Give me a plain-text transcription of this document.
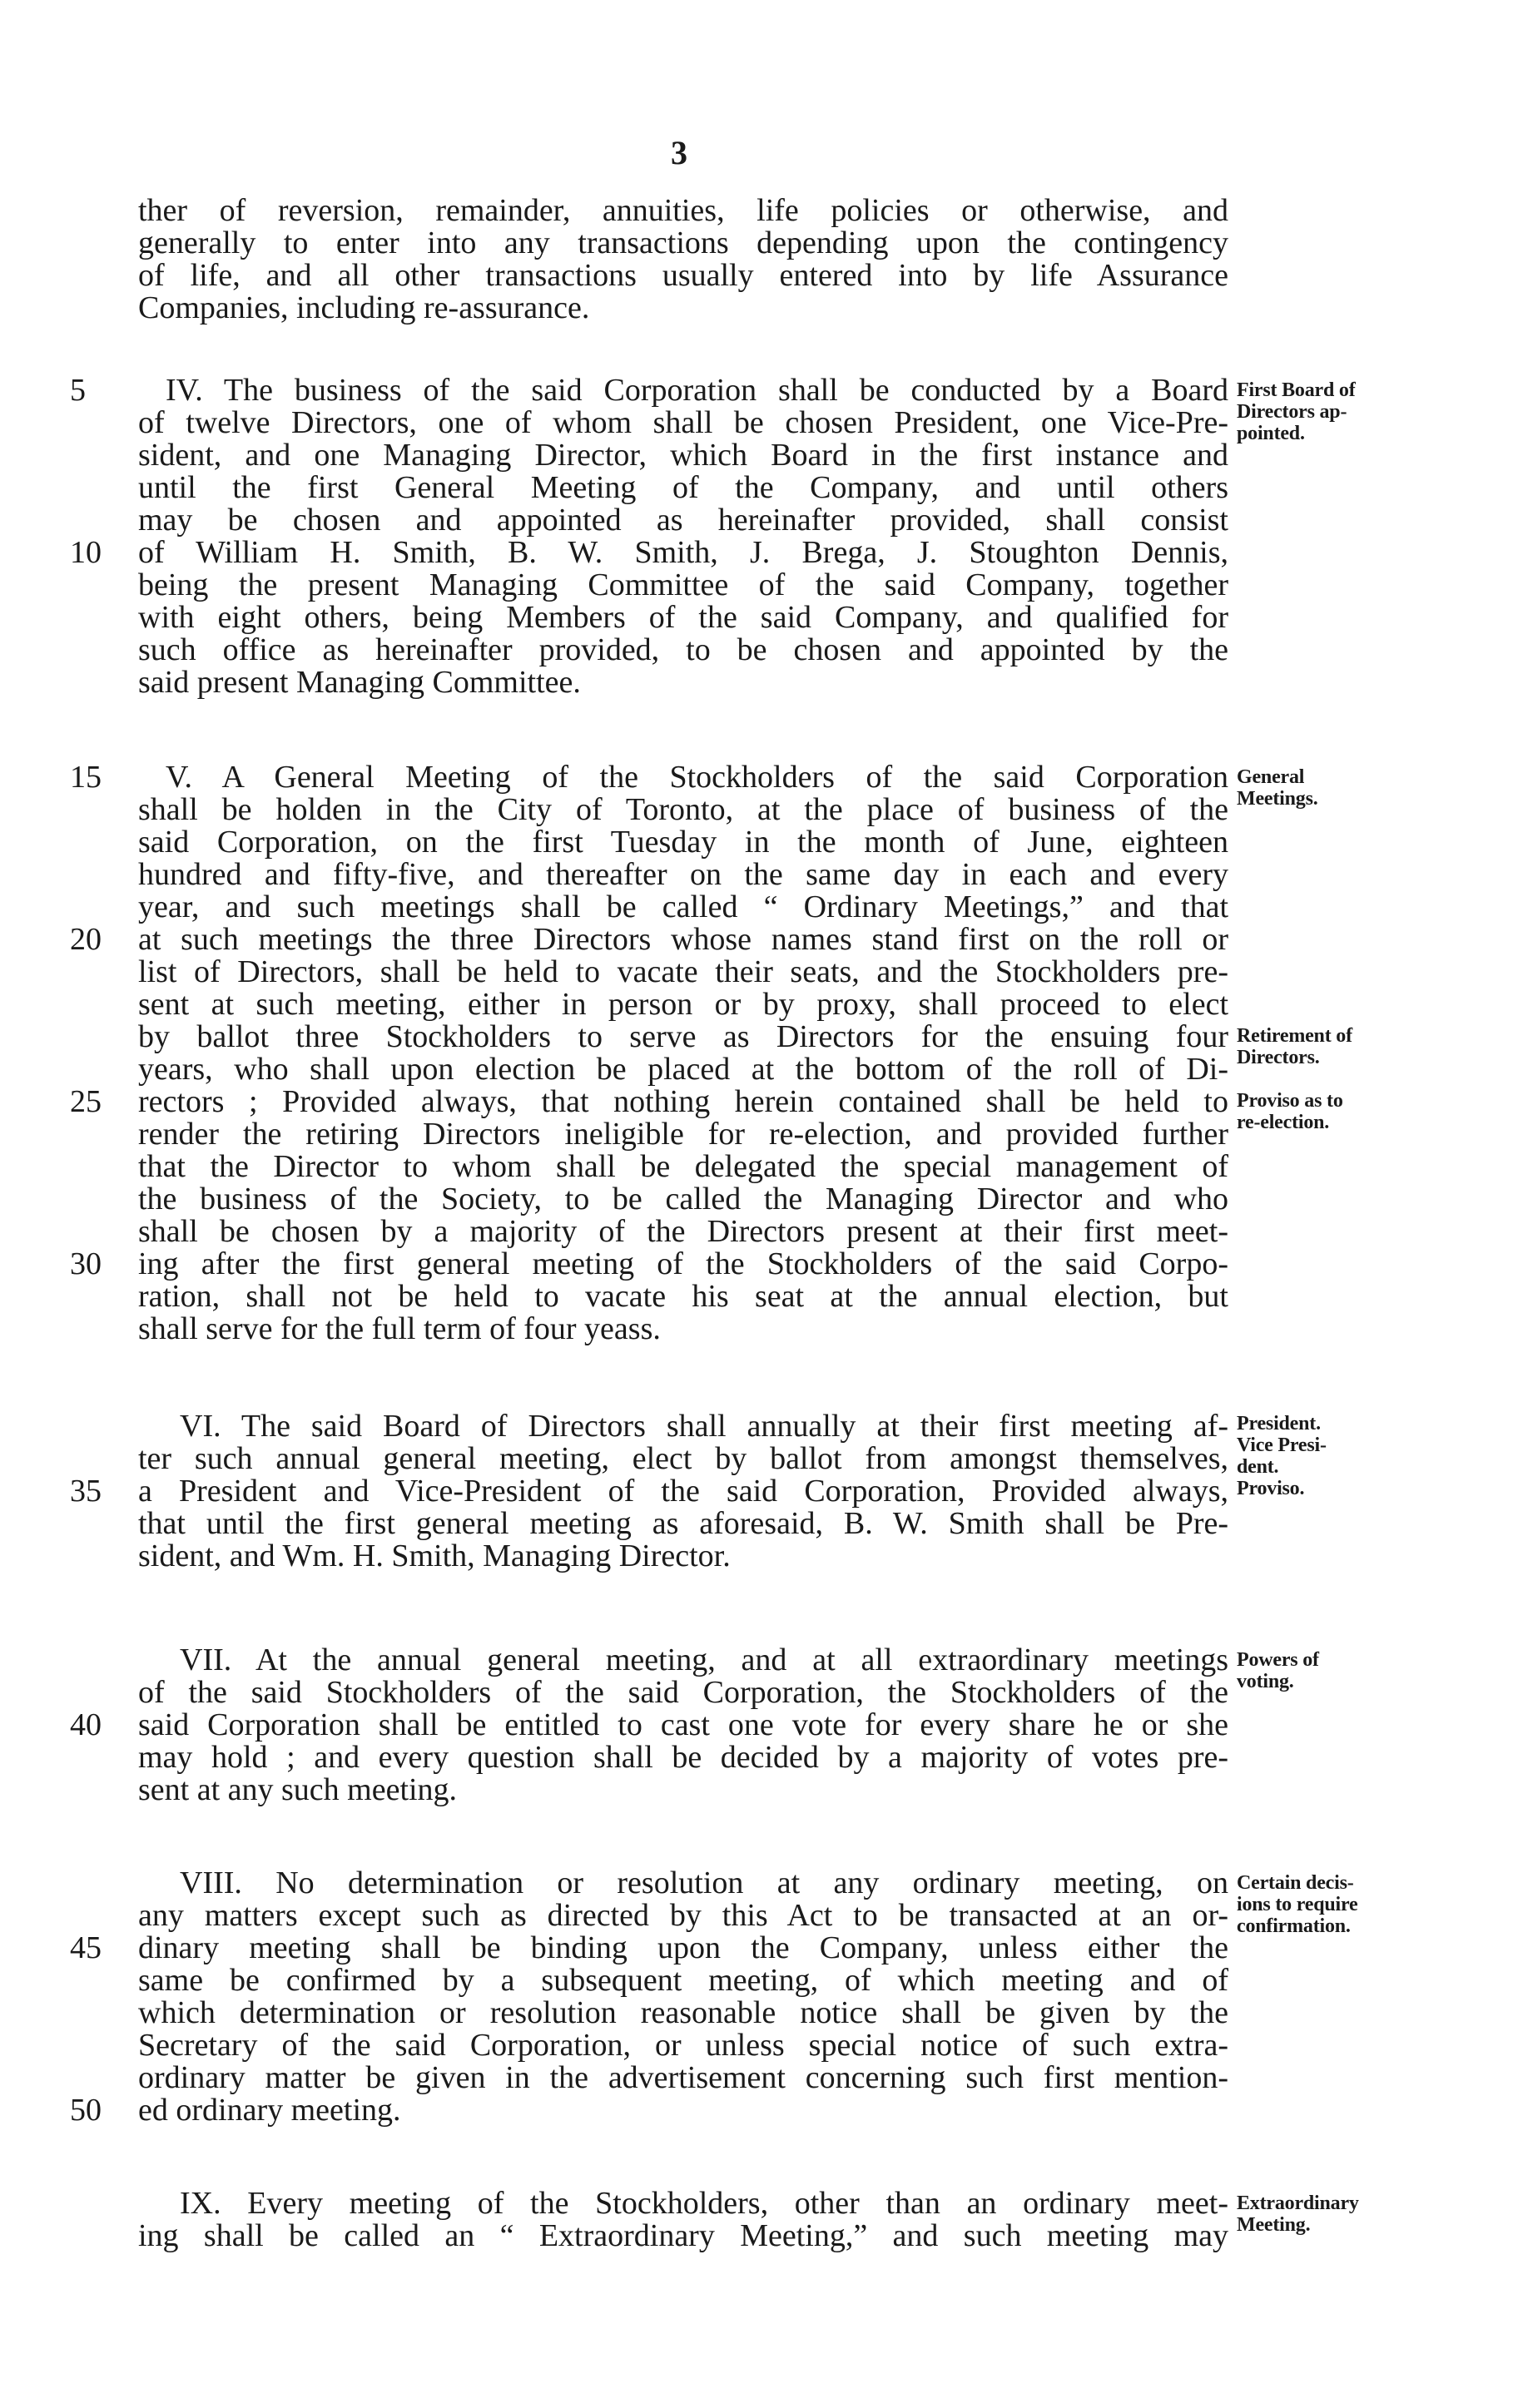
3
ther of reversion, remainder, annuities, life policies or otherwise, and
generally to enter into any transactions depending upon the contingency
of life, and all other transactions usually entered into by life Assurance
Companies, including re-assurance.
IV. The business of the said Corporation shall be conducted by a Board
of twelve Directors, one of whom shall be chosen President, one Vice-Pre-
sident, and one Managing Director, which Board in the first instance and
until the first General Meeting of the Company, and until others
may be chosen and appointed as hereinafter provided, shall consist
of William H. Smith, B. W. Smith, J. Brega, J. Stoughton Dennis,
being the present Managing Committee of the said Company, together
with eight others, being Members of the said Company, and qualified for
such office as hereinafter provided, to be chosen and appointed by the
said present Managing Committee.
V. A General Meeting of the Stockholders of the said Corporation
shall be holden in the City of Toronto, at the place of business of the
said Corporation, on the first Tuesday in the month of June, eighteen
hundred and fifty-five, and thereafter on the same day in each and every
year, and such meetings shall be called “ Ordinary Meetings,” and that
at such meetings the three Directors whose names stand first on the roll or
list of Directors, shall be held to vacate their seats, and the Stockholders pre-
sent at such meeting, either in person or by proxy, shall proceed to elect
by ballot three Stockholders to serve as Directors for the ensuing four
years, who shall upon election be placed at the bottom of the roll of Di-
rectors ; Provided always, that nothing herein contained shall be held to
render the retiring Directors ineligible for re-election, and provided further
that the Director to whom shall be delegated the special management of
the business of the Society, to be called the Managing Director and who
shall be chosen by a majority of the Directors present at their first meet-
ing after the first general meeting of the Stockholders of the said Corpo-
ration, shall not be held to vacate his seat at the annual election, but
shall serve for the full term of four yeass.
VI. The said Board of Directors shall annually at their first meeting af-
ter such annual general meeting, elect by ballot from amongst themselves,
a President and Vice-President of the said Corporation, Provided always,
that until the first general meeting as aforesaid, B. W. Smith shall be Pre-
sident, and Wm. H. Smith, Managing Director.
VII. At the annual general meeting, and at all extraordinary meetings
of the said Stockholders of the said Corporation, the Stockholders of the
said Corporation shall be entitled to cast one vote for every share he or she
may hold ; and every question shall be decided by a majority of votes pre-
sent at any such meeting.
VIII. No determination or resolution at any ordinary meeting, on
any matters except such as directed by this Act to be transacted at an or-
dinary meeting shall be binding upon the Company, unless either the
same be confirmed by a subsequent meeting, of which meeting and of
which determination or resolution reasonable notice shall be given by the
Secretary of the said Corporation, or unless special notice of such extra-
ordinary matter be given in the advertisement concerning such first mention-
ed ordinary meeting.
IX. Every meeting of the Stockholders, other than an ordinary meet-
ing shall be called an “ Extraordinary Meeting,” and such meeting may
5
10
15
20
25
30
35
40
45
50
First Board of
Directors ap-
pointed.
General
Meetings.
Retirement of
Directors.
Proviso as to
re-election.
President.
Vice Presi-
dent.
Proviso.
Powers of
voting.
Certain decis-
ions to require
confirmation.
Extraordinary
Meeting.
